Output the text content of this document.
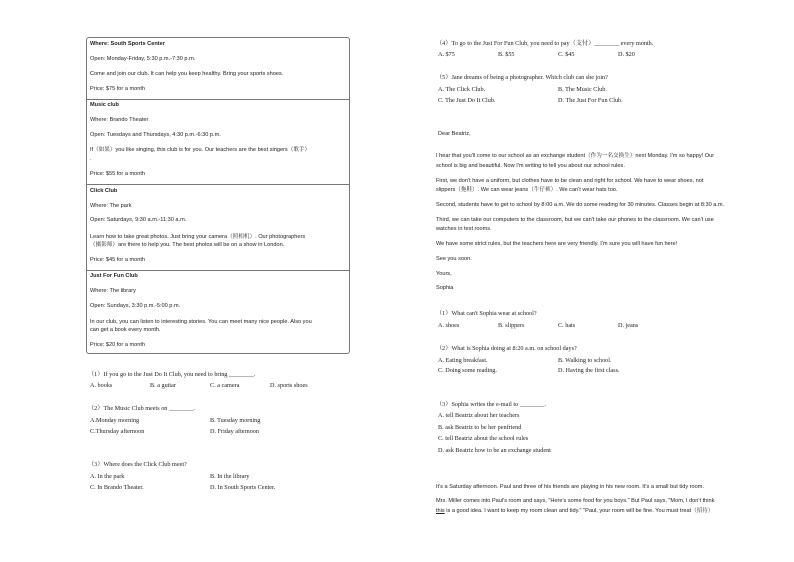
Where: South Sports Center
Open: Monday-Friday, 5:30 p.m.-7:30 p.m.
Come and join our club. It can help you keep healthy. Bring your sports shoes.
Price: $75 for a month
Music club
Where: Brando Theater
Open: Tuesdays and Thursdays, 4:30 p.m.-6:30 p.m.
If（如果）you like singing, this club is for you. Our teachers are the best singers（歌手）
.
Price: $55 for a month
Click Club
Where: The park
Open: Saturdays, 9:30 a.m.-11:30 a.m.
Learn how to take great photos. Just bring your camera（照相机）. Our photographers
（摄影师）are there to help you. The best photos will be on a show in London.
Price: $45 for a month
Just For Fun Club
Where: The library
Open: Sundays, 3:30 p.m.-5:00 p.m.
In our club, you can listen to interesting stories. You can meet many nice people. Also you
can get a book every month.
Price: $20 for a month
（1）If you go to the Just Do It Club, you need to bring ________.
A. books	B. a guitar	C. a camera	D. sports shoes
（2）The Music Club meets on ________.
A.Monday morning	B. Tuesday morning
C.Thursday afternoon	D. Friday afternoon
（3）Where does the Click Club meet?
A. In the park	B. In the library
C. In Brando Theater.	D. In South Sports Center.
（4）To go to the Just For Fun Club, you need to pay（支付）________ every month.
A. $75	B. $55	C. $45	D. $20
（5）Jane dreams of being a photographer. Which club can she join?
A. The Click Club.	B. The Music Club.
C. The Just Do It Club.	D. The Just For Fun Club.
Dear Beatriz,
I hear that you'll come to our school as an exchange student（作为一名交换生）next Monday. I'm so happy! Our
school is big and beautiful. Now I'm writing to tell you about our school rules.
First, we don't have a uniform, but clothes have to be clean and right for school. We have to wear shoes, not
slippers（拖鞋）. We can wear jeans（牛仔裤）. We can't wear hats too.
Second, students have to get to school by 8:00 a.m. We do some reading for 30 minutes. Classes begin at 8:30 a.m.
Third, we can take our computers to the classroom, but we can't take our phones to the classroom. We can't use
watches in test rooms.
We have some strict rules, but the teachers here are very friendly. I'm sure you will have fun here!
See you soon.
Yours,
Sophia
（1）What can't Sophia wear at school?
A. shoes	B. slippers	C. hats	D. jeans
（2）What is Sophia doing at 8:20 a.m. on school days?
A. Eating breakfast.	B. Walking to school.
C. Doing some reading.	D. Having the first class.
（3）Sophia writes the e-mail to ________.
A. tell Beatriz about her teachers
B. ask Beatriz to be her penfriend
C. tell Beatriz about the school rules
D. ask Beatriz how to be an exchange student
It's a Saturday afternoon. Paul and three of his friends are playing in his new room. It's a small but tidy room.
Mrs. Miller comes into Paul's room and says, "Here's some food for you boys." But Paul says, "Mom, I don't think
this is a good idea. I want to keep my room clean and tidy." "Paul, your room will be fine. You must treat（招待）
